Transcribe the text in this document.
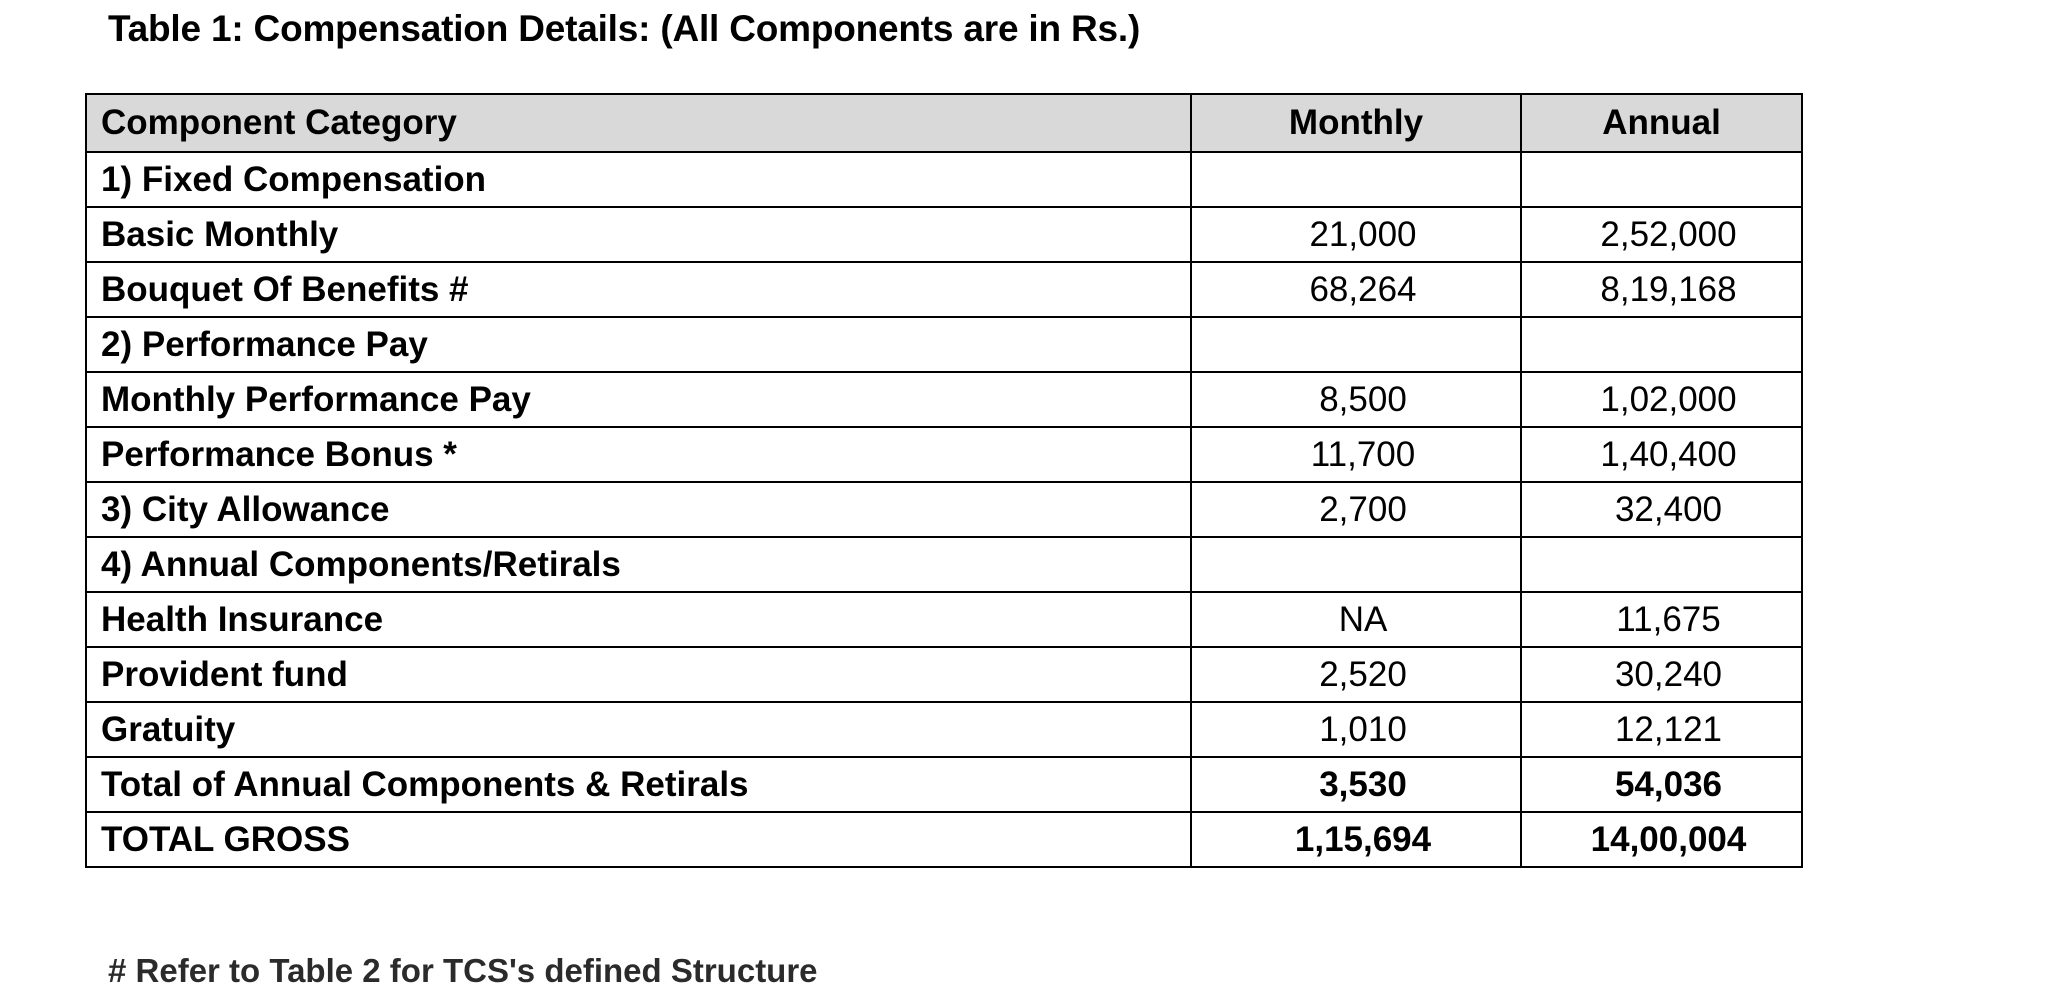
Table 1: Compensation Details: (All Components are in Rs.)
Component Category	Monthly	Annual
1) Fixed Compensation		
Basic Monthly	21,000	2,52,000
Bouquet Of Benefits #	68,264	8,19,168
2) Performance Pay		
Monthly Performance Pay	8,500	1,02,000
Performance Bonus *	11,700	1,40,400
3) City Allowance	2,700	32,400
4) Annual Components/Retirals		
Health Insurance	NA	11,675
Provident fund	2,520	30,240
Gratuity	1,010	12,121
Total of Annual Components & Retirals	3,530	54,036
TOTAL GROSS	1,15,694	14,00,004
# Refer to Table 2 for TCS's defined Structure
